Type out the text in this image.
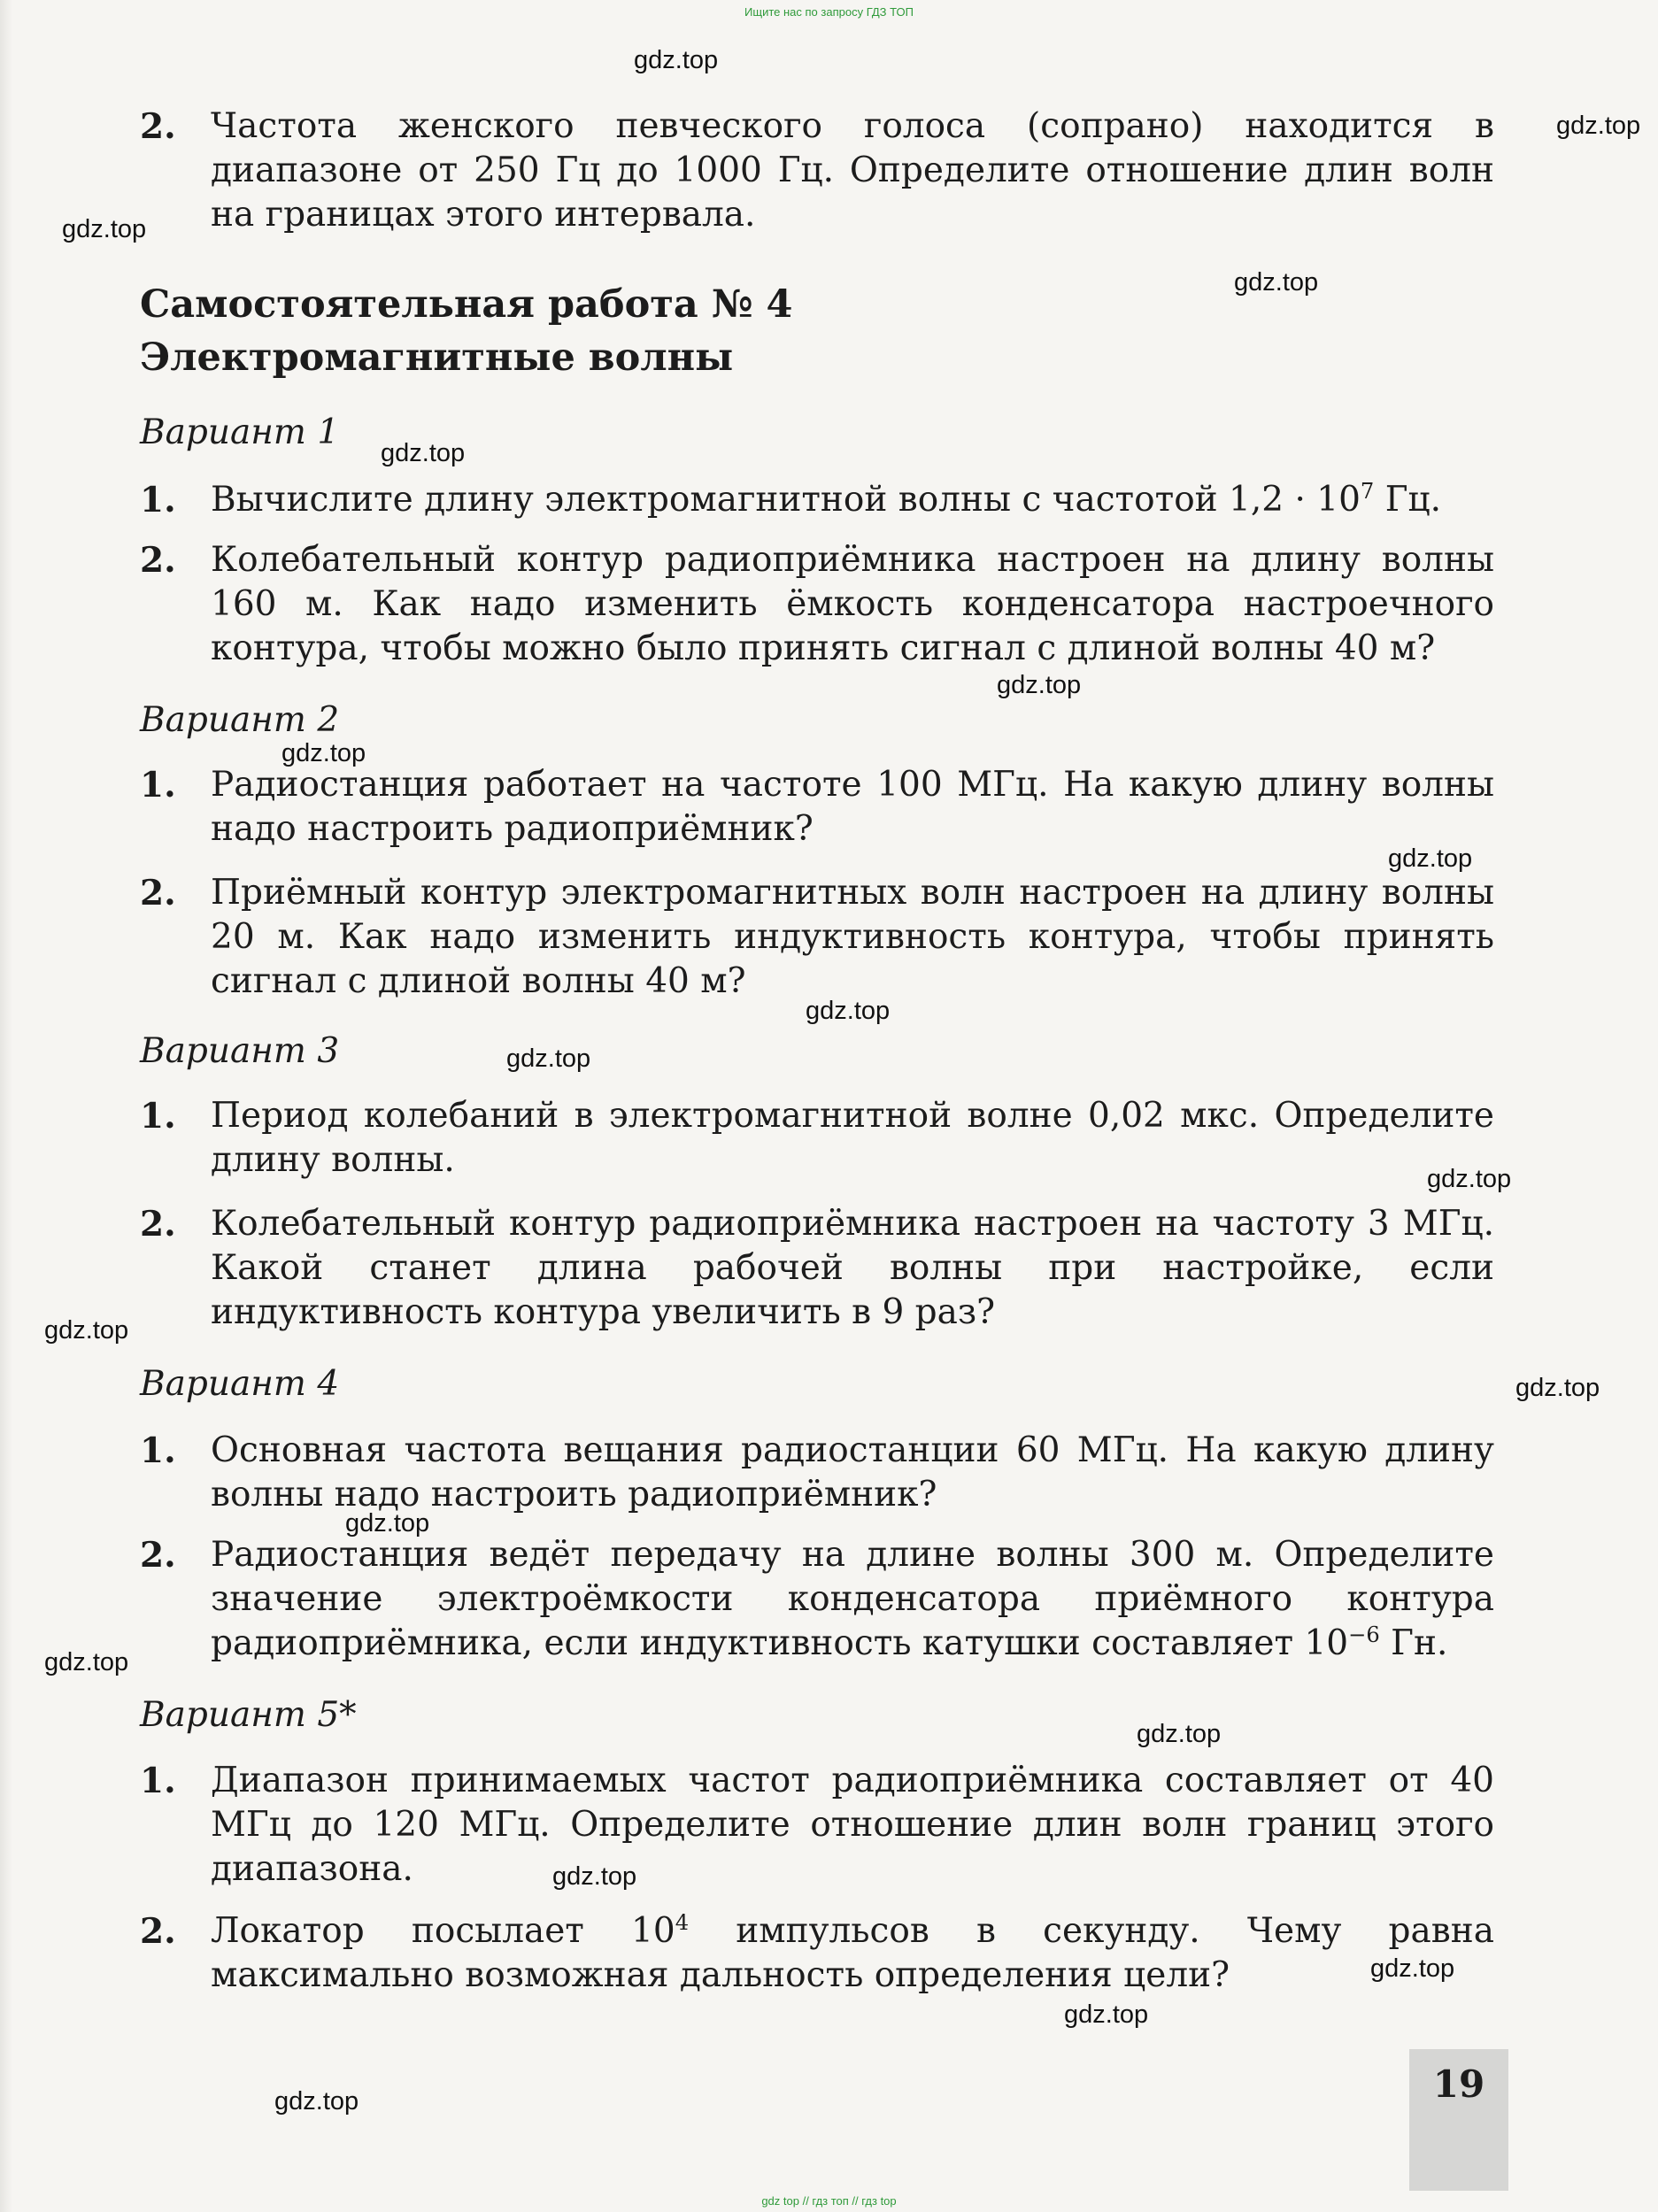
Ищите нас по запросу ГДЗ ТОП
2. Частота женского певческого голоса (сопрано) находится в диапазоне от 250 Гц до 1000 Гц. Определите отношение длин волн на границах этого интервала.
Самостоятельная работа № 4
Электромагнитные волны
Вариант 1
1. Вычислите длину электромагнитной волны с частотой $1,2 \cdot 10^7$ Гц.
2. Колебательный контур радиоприёмника настроен на длину волны 160 м. Как надо изменить ёмкость конденсатора настроечного контура, чтобы можно было принять сигнал с длиной волны 40 м?
Вариант 2
1. Радиостанция работает на частоте 100 МГц. На какую длину волны надо настроить радиоприёмник?
2. Приёмный контур электромагнитных волн настроен на длину волны 20 м. Как надо изменить индуктивность контура, чтобы принять сигнал с длиной волны 40 м?
Вариант 3
1. Период колебаний в электромагнитной волне 0,02 мкс. Определите длину волны.
2. Колебательный контур радиоприёмника настроен на частоту 3 МГц. Какой станет длина рабочей волны при настройке, если индуктивность контура увеличить в 9 раз?
Вариант 4
1. Основная частота вещания радиостанции 60 МГц. На какую длину волны надо настроить радиоприёмник?
2. Радиостанция ведёт передачу на длине волны 300 м. Определите значение электроёмкости конденсатора приёмного контура радиоприёмника, если индуктивность катушки составляет $10^{-6}$ Гн.
Вариант 5*
1. Диапазон принимаемых частот радиоприёмника составляет от 40 МГц до 120 МГц. Определите отношение длин волн границ этого диапазона.
2. Локатор посылает $10^4$ импульсов в секунду. Чему равна максимально возможная дальность определения цели?
gdz.top
gdz.top
gdz.top
gdz.top
gdz.top
gdz.top
gdz.top
gdz.top
gdz.top
gdz.top
gdz.top
gdz.top
gdz.top
gdz.top
gdz.top
gdz.top
gdz.top
gdz.top
gdz.top
gdz.top	19
gdz top // гдз топ // гдз top
